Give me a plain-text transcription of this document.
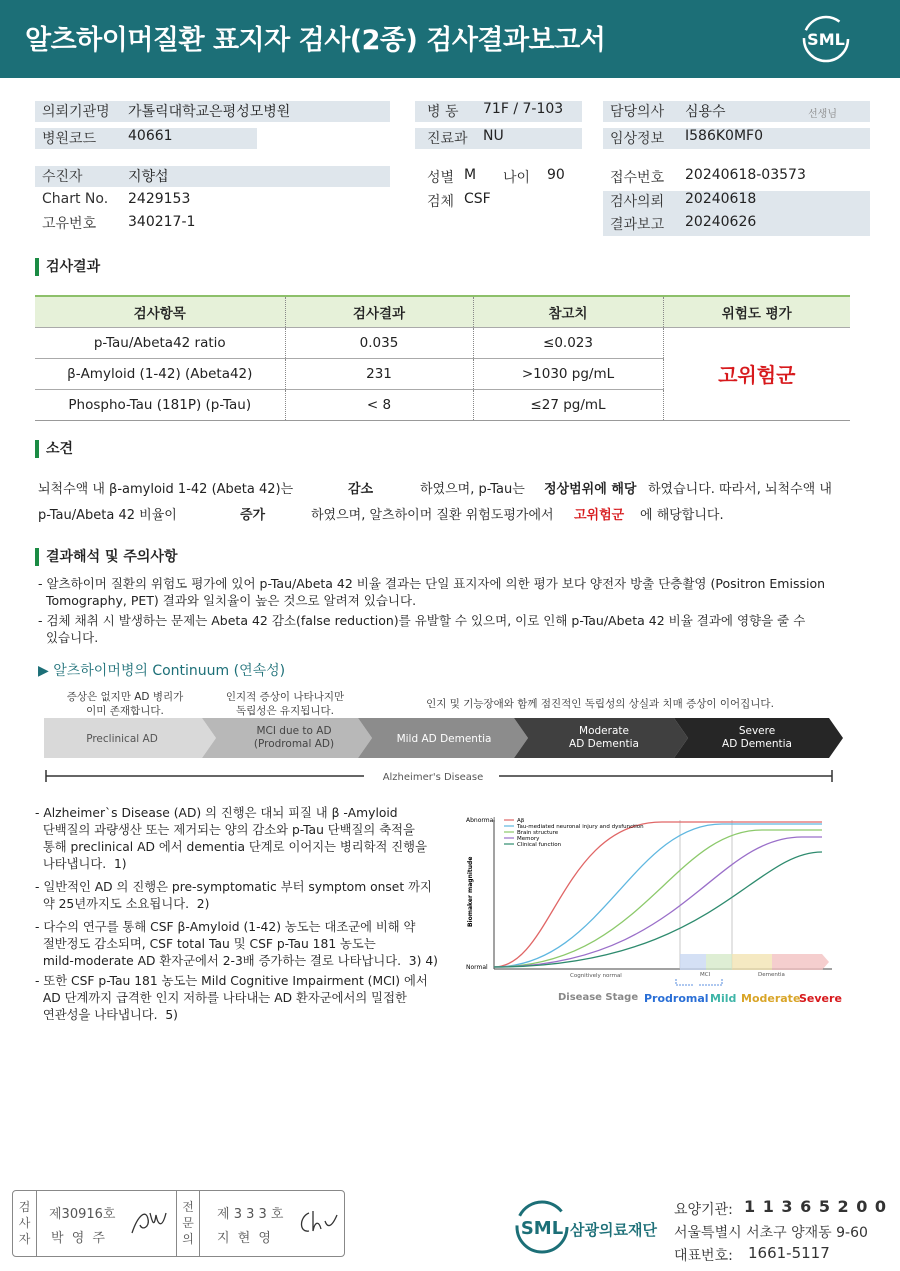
알츠하이머질환 표지자 검사(2종) 검사결과보고서	SML
의뢰기관명 가톨릭대학교은평성모병원
병원코드 40661
병 동 71F / 7-103
진료과 NU
담당의사 심용수	선생님
임상정보 I586K0MF0
수진자	지향섭
Chart No. 2429153
고유번호 340217-1
성별 M 나이 90
검체 CSF
접수번호 20240618-03573
검사의뢰 20240618
결과보고 20240626
검사결과
검사항목	검사결과	참고치	위험도 평가
p-Tau/Abeta42 ratio	0.035	≤0.023	고위험군
β-Amyloid (1-42) (Abeta42)	231	>1030 pg/mL	
Phospho-Tau (181P) (p-Tau)	< 8	≤27 pg/mL	
소견
뇌척수액 내 β-amyloid 1-42 (Abeta 42)는	감소	하였으며, p-Tau는 정상범위에 해당 하였습니다. 따라서, 뇌척수액 내
p-Tau/Abeta 42 비율이	증가	하였으며, 알츠하이머 질환 위험도평가에서 고위험군 에 해당합니다.
결과해석 및 주의사항
- 알츠하이머 질환의 위험도 평가에 있어 p-Tau/Abeta 42 비율 결과는 단일 표지자에 의한 평가 보다 양전자 방출 단층촬영 (Positron Emission
Tomography, PET) 결과와 일치율이 높은 것으로 알려져 있습니다.
- 검체 채취 시 발생하는 문제는 Abeta 42 감소(false reduction)를 유발할 수 있으며, 이로 인해 p-Tau/Abeta 42 비율 결과에 영향을 줄 수
있습니다.
▶ 알츠하이머병의 Continuum (연속성)
증상은 없지만 AD 병리가
이미 존재합니다.
인지적 증상이 나타나지만
독립성은 유지됩니다.
인지 및 기능장애와 함께 점진적인 독립성의 상실과 치매 증상이 이어집니다.
Preclinical AD
MCI due to AD (Prodromal AD)	Mild AD Dementia
Moderate AD Dementia
Severe AD Dementia
Alzheimer's Disease
- Alzheimer`s Disease (AD) 의 진행은 대뇌 피질 내 β -Amyloid
단백질의 과량생산 또는 제거되는 양의 감소와 p-Tau 단백질의 축적을
통해 preclinical AD 에서 dementia 단계로 이어지는 병리학적 진행을
나타냅니다.  1)
- 일반적인 AD 의 진행은 pre-symptomatic 부터 symptom onset 까지
약 25년까지도 소요됩니다.  2)
- 다수의 연구를 통해 CSF β-Amyloid (1-42) 농도는 대조군에 비해 약
절반정도 감소되며, CSF total Tau 및 CSF p-Tau 181 농도는
mild-moderate AD 환자군에서 2-3배 증가하는 결로 나타납니다.  3) 4)
- 또한 CSF p-Tau 181 농도는 Mild Cognitive Impairment (MCI) 에서
AD 단계까지 급격한 인지 저하를 나타내는 AD 환자군에서의 밀접한
연관성을 나타냅니다.  5)
Abnormal
Normal
Biomaker magnitude
Aβ
Tau-mediated neuronal injury and dysfunction
Brain structure
Memory
Clinical function
Cognitively normal	MCI	Dementia
Disease Stage Prodromal Mild Moderate
Severe
검
사
자
제30916호
박 영 주
전
문
의
제 3 3 3 호
지 현 영	SML 삼광의료재단
요양기관: 1 1 3 6 5 2 0 0
서울특별시 서초구 양재동 9-60
대표번호: 1661-5117
